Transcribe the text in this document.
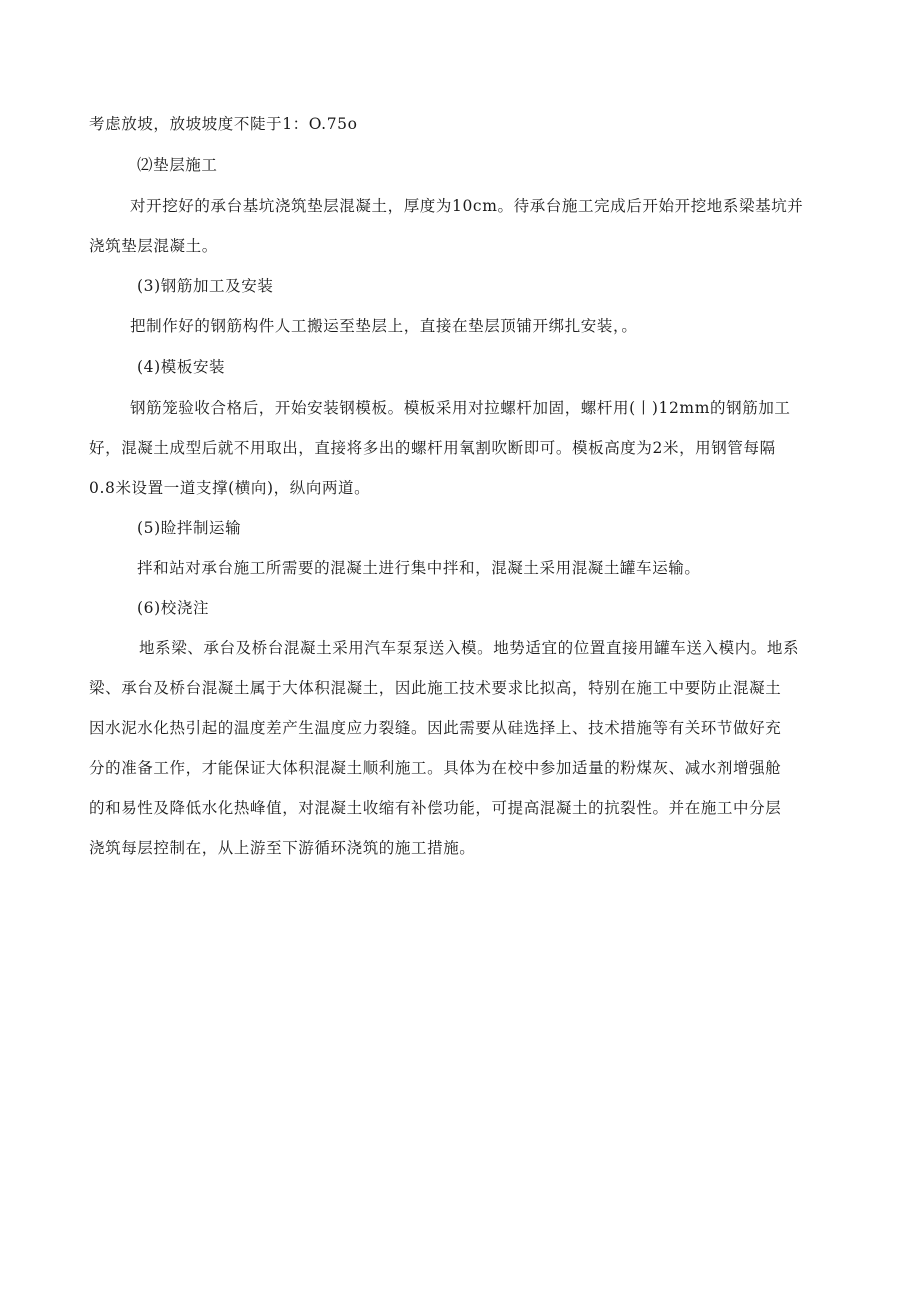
考虑放坡，放坡坡度不陡于1：O.75o
⑵垫层施工
对开挖好的承台基坑浇筑垫层混凝土，厚度为10cm。待承台施工完成后开始开挖地系梁基坑并
浇筑垫层混凝土。
(3)钢筋加工及安装
把制作好的钢筋构件人工搬运至垫层上，直接在垫层顶铺开绑扎安装，。
(4)模板安装
钢筋笼验收合格后，开始安装钢模板。模板采用对拉螺杆加固，螺杆用(丨)12mm的钢筋加工
好，混凝土成型后就不用取出，直接将多出的螺杆用氧割吹断即可。模板高度为2米，用钢管每隔
0.8米设置一道支撑(横向)，纵向两道。
(5)睑拌制运输
拌和站对承台施工所需要的混凝土进行集中拌和，混凝土采用混凝土罐车运输。
(6)校浇注
地系梁、承台及桥台混凝土采用汽车泵泵送入模。地势适宜的位置直接用罐车送入模内。地系
梁、承台及桥台混凝土属于大体积混凝土，因此施工技术要求比拟高，特别在施工中要防止混凝土
因水泥水化热引起的温度差产生温度应力裂缝。因此需要从硅选择上、技术措施等有关环节做好充
分的准备工作，才能保证大体积混凝土顺利施工。具体为在校中参加适量的粉煤灰、减水剂增强舱
的和易性及降低水化热峰值，对混凝土收缩有补偿功能，可提高混凝土的抗裂性。并在施工中分层
浇筑每层控制在，从上游至下游循环浇筑的施工措施。
